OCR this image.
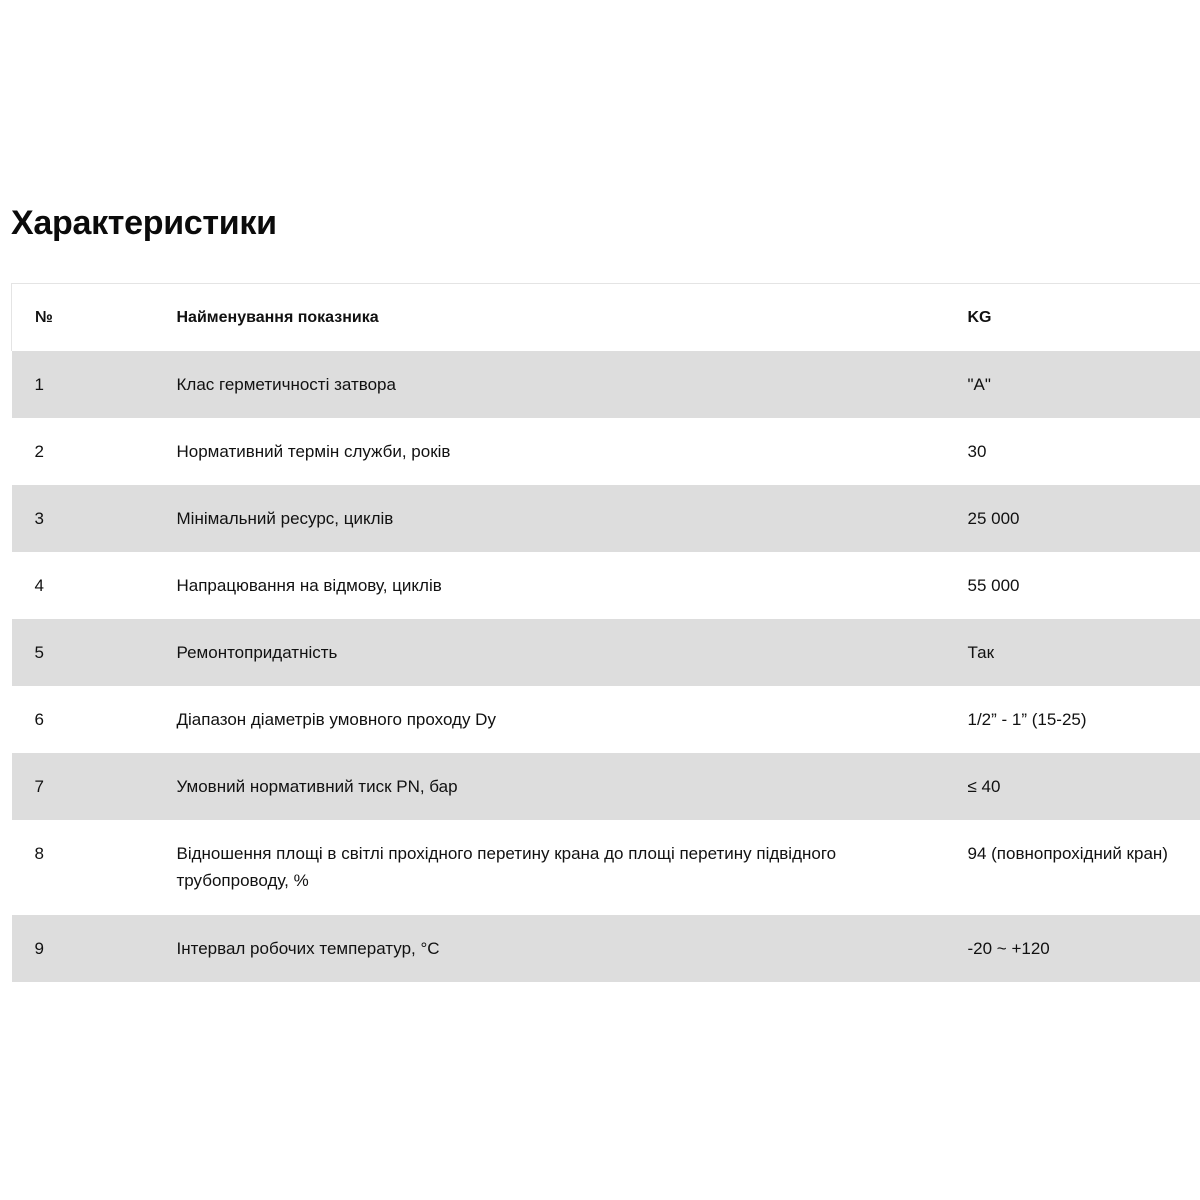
Характеристики
№	Найменування показника	KG
1	Клас герметичності затвора	"А"
2	Нормативний термін служби, років	30
3	Мінімальний ресурс, циклів	25 000
4	Напрацювання на відмову, циклів	55 000
5	Ремонтопридатність	Так
6	Діапазон діаметрів умовного проходу Dy	1/2” - 1” (15-25)
7	Умовний нормативний тиск PN, бар	≤ 40
8	Відношення площі в світлі прохідного перетину крана до площі перетину підвідного трубопроводу, %	94 (повнопрохідний кран)
9	Інтервал робочих температур, °С	-20 ~ +120
